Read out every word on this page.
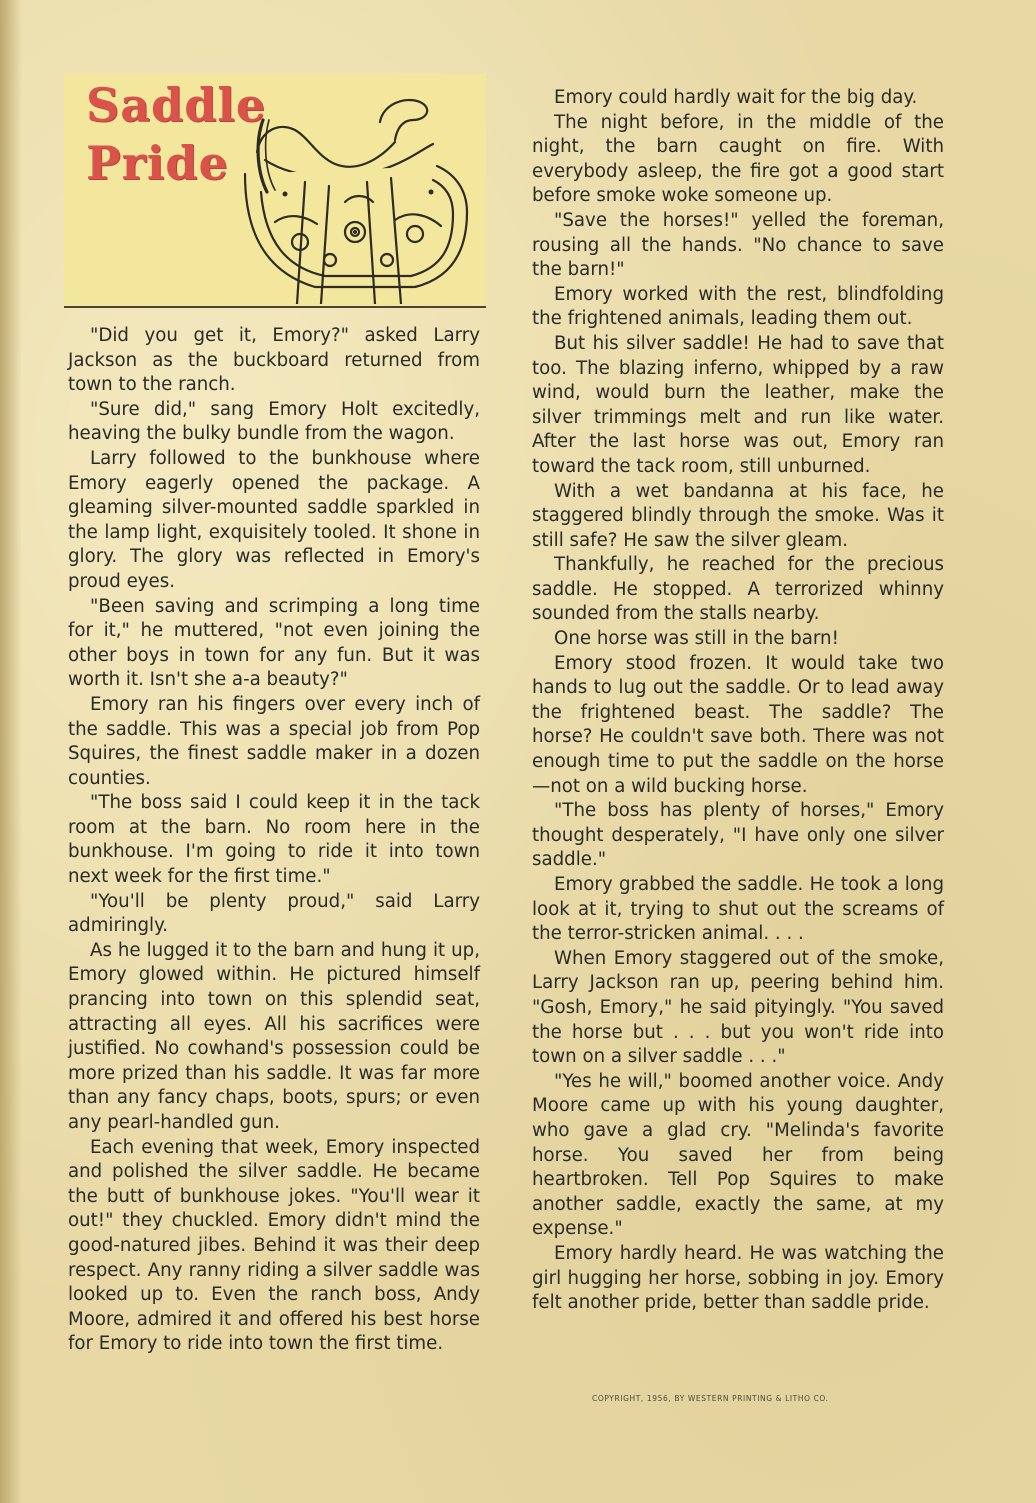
Saddle
Pride

"Did you get it, Emory?" asked Larry Jackson as the buckboard returned from town to the ranch.

"Sure did," sang Emory Holt excitedly, heaving the bulky bundle from the wagon.

Larry followed to the bunkhouse where Emory eagerly opened the package. A gleaming silver-mounted saddle sparkled in the lamp light, exquisitely tooled. It shone in glory. The glory was reflected in Emory's proud eyes.

"Been saving and scrimping a long time for it," he muttered, "not even joining the other boys in town for any fun. But it was worth it. Isn't she a-a beauty?"

Emory ran his fingers over every inch of the saddle. This was a special job from Pop Squires, the finest saddle maker in a dozen counties.

"The boss said I could keep it in the tack room at the barn. No room here in the bunkhouse. I'm going to ride it into town next week for the first time."

"You'll be plenty proud," said Larry admiringly.

As he lugged it to the barn and hung it up, Emory glowed within. He pictured himself prancing into town on this splendid seat, attracting all eyes. All his sacrifices were justified. No cowhand's possession could be more prized than his saddle. It was far more than any fancy chaps, boots, spurs; or even any pearl-handled gun.

Each evening that week, Emory inspected and polished the silver saddle. He became the butt of bunkhouse jokes. "You'll wear it out!" they chuckled. Emory didn't mind the good-natured jibes. Behind it was their deep respect. Any ranny riding a silver saddle was looked up to. Even the ranch boss, Andy Moore, admired it and offered his best horse for Emory to ride into town the first time.

Emory could hardly wait for the big day.

The night before, in the middle of the night, the barn caught on fire. With everybody asleep, the fire got a good start before smoke woke someone up.

"Save the horses!" yelled the foreman, rousing all the hands. "No chance to save the barn!"

Emory worked with the rest, blindfolding the frightened animals, leading them out.

But his silver saddle! He had to save that too. The blazing inferno, whipped by a raw wind, would burn the leather, make the silver trimmings melt and run like water. After the last horse was out, Emory ran toward the tack room, still unburned.

With a wet bandanna at his face, he staggered blindly through the smoke. Was it still safe? He saw the silver gleam.

Thankfully, he reached for the precious saddle. He stopped. A terrorized whinny sounded from the stalls nearby.

One horse was still in the barn!

Emory stood frozen. It would take two hands to lug out the saddle. Or to lead away the frightened beast. The saddle? The horse? He couldn't save both. There was not enough time to put the saddle on the horse—not on a wild bucking horse.

"The boss has plenty of horses," Emory thought desperately, "I have only one silver saddle."

Emory grabbed the saddle. He took a long look at it, trying to shut out the screams of the terror-stricken animal. . . .

When Emory staggered out of the smoke, Larry Jackson ran up, peering behind him. "Gosh, Emory," he said pityingly. "You saved the horse but . . . but you won't ride into town on a silver saddle . . ."

"Yes he will," boomed another voice. Andy Moore came up with his young daughter, who gave a glad cry. "Melinda's favorite horse. You saved her from being heartbroken. Tell Pop Squires to make another saddle, exactly the same, at my expense."

Emory hardly heard. He was watching the girl hugging her horse, sobbing in joy. Emory felt another pride, better than saddle pride.

COPYRIGHT, 1956, BY WESTERN PRINTING & LITHO CO.
